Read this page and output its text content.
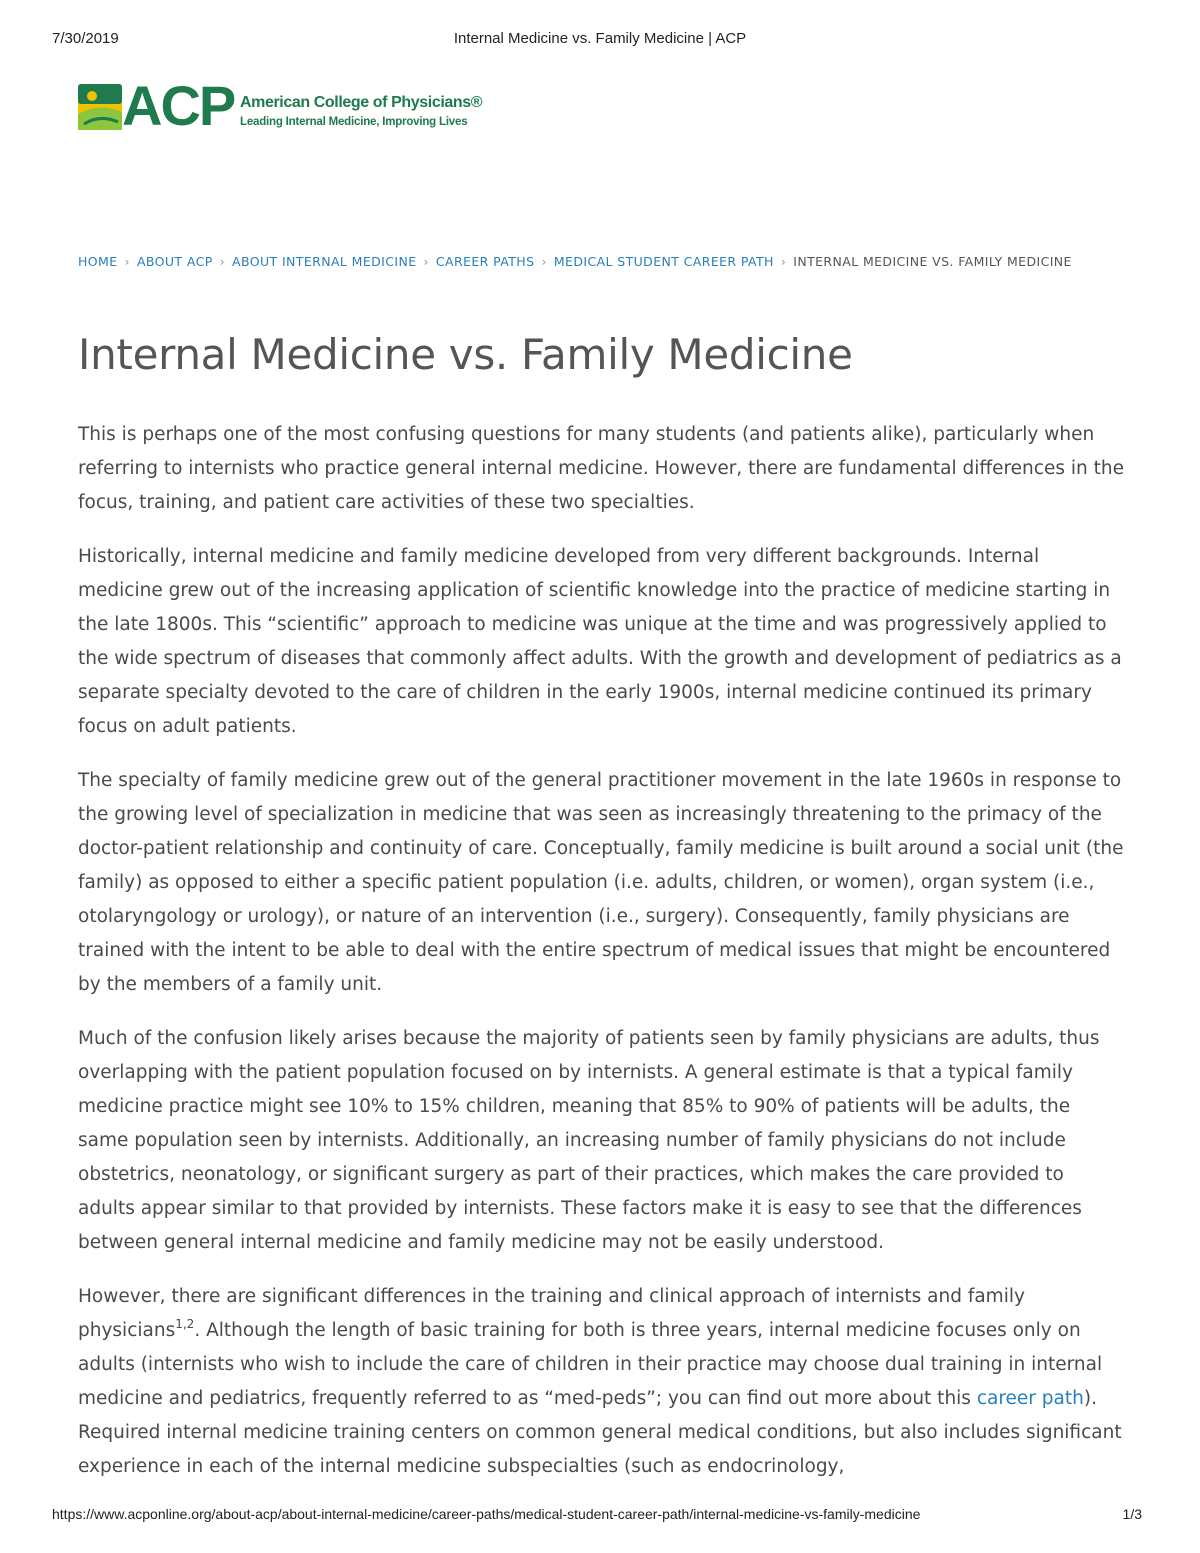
7/30/2019	Internal Medicine vs. Family Medicine | ACP
ACP American College of Physicians®
Leading Internal Medicine, Improving Lives
HOME › ABOUT ACP › ABOUT INTERNAL MEDICINE › CAREER PATHS › MEDICAL STUDENT CAREER PATH › INTERNAL MEDICINE VS. FAMILY MEDICINE
Internal Medicine vs. Family Medicine

This is perhaps one of the most confusing questions for many students (and patients alike), particularly when referring to internists who practice general internal medicine. However, there are fundamental differences in the focus, training, and patient care activities of these two specialties.

Historically, internal medicine and family medicine developed from very different backgrounds. Internal medicine grew out of the increasing application of scientific knowledge into the practice of medicine starting in the late 1800s. This “scientific” approach to medicine was unique at the time and was progressively applied to the wide spectrum of diseases that commonly affect adults. With the growth and development of pediatrics as a separate specialty devoted to the care of children in the early 1900s, internal medicine continued its primary focus on adult patients.

The specialty of family medicine grew out of the general practitioner movement in the late 1960s in response to the growing level of specialization in medicine that was seen as increasingly threatening to the primacy of the doctor-patient relationship and continuity of care. Conceptually, family medicine is built around a social unit (the family) as opposed to either a specific patient population (i.e. adults, children, or women), organ system (i.e., otolaryngology or urology), or nature of an intervention (i.e., surgery). Consequently, family physicians are trained with the intent to be able to deal with the entire spectrum of medical issues that might be encountered by the members of a family unit.

Much of the confusion likely arises because the majority of patients seen by family physicians are adults, thus overlapping with the patient population focused on by internists. A general estimate is that a typical family medicine practice might see 10% to 15% children, meaning that 85% to 90% of patients will be adults, the same population seen by internists. Additionally, an increasing number of family physicians do not include obstetrics, neonatology, or significant surgery as part of their practices, which makes the care provided to adults appear similar to that provided by internists. These factors make it is easy to see that the differences between general internal medicine and family medicine may not be easily understood.

However, there are significant differences in the training and clinical approach of internists and family physicians$^{1,2}$. Although the length of basic training for both is three years, internal medicine focuses only on adults (internists who wish to include the care of children in their practice may choose dual training in internal medicine and pediatrics, frequently referred to as “med-peds”; you can find out more about this career path). Required internal medicine training centers on common general medical conditions, but also includes significant experience in each of the internal medicine subspecialties (such as endocrinology,

https://www.acponline.org/about-acp/about-internal-medicine/career-paths/medical-student-career-path/internal-medicine-vs-family-medicine	1/3
